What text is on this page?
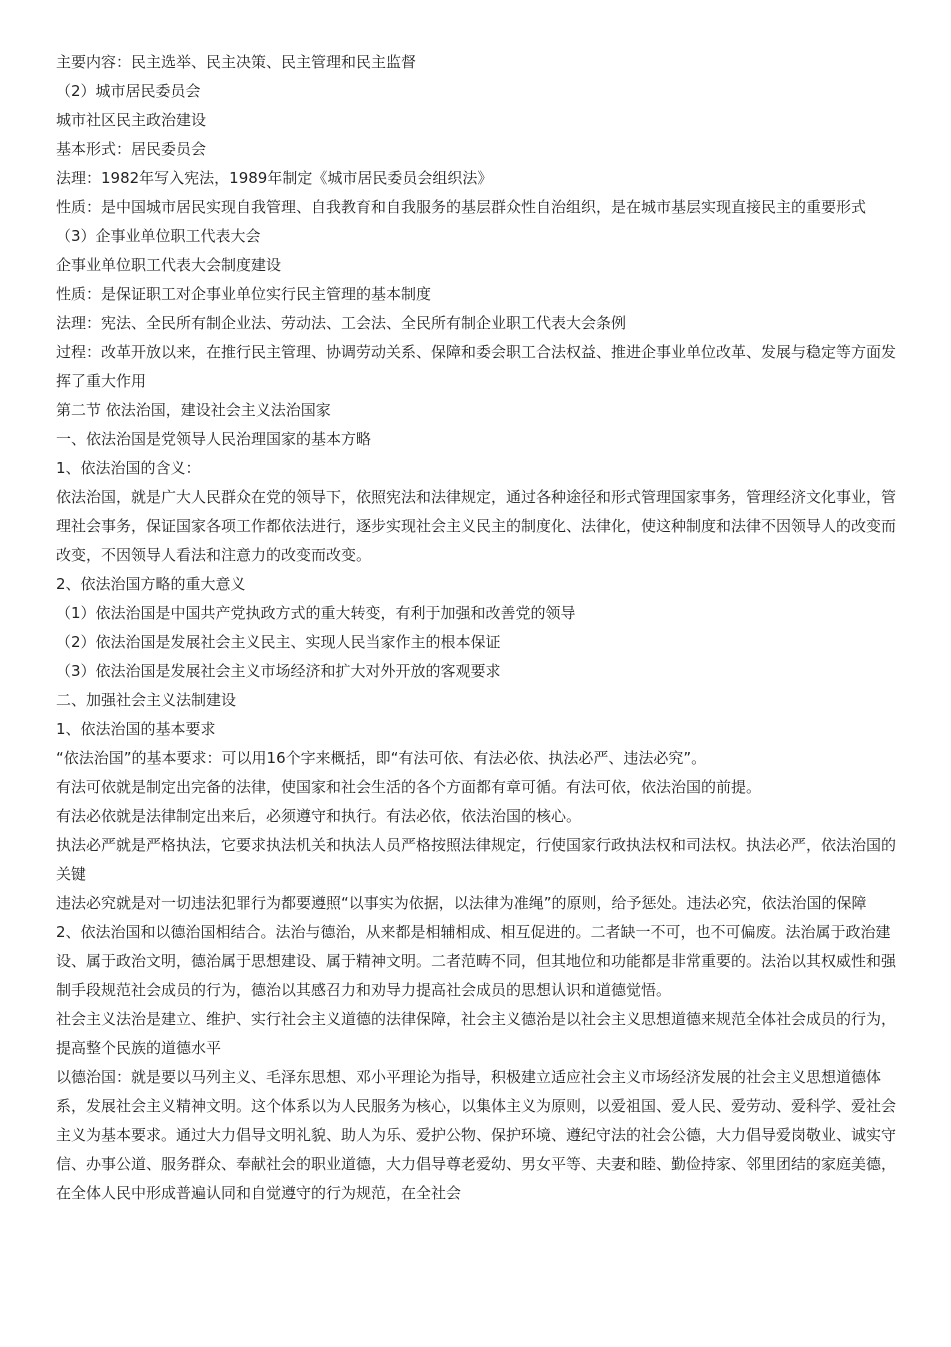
主要内容：民主选举、民主决策、民主管理和民主监督

（2）城市居民委员会

城市社区民主政治建设

基本形式：居民委员会

法理：1982年写入宪法，1989年制定《城市居民委员会组织法》

性质：是中国城市居民实现自我管理、自我教育和自我服务的基层群众性自治组织，是在城市基层实现直接民主的重要形式

（3）企事业单位职工代表大会

企事业单位职工代表大会制度建设

性质：是保证职工对企事业单位实行民主管理的基本制度

法理：宪法、全民所有制企业法、劳动法、工会法、全民所有制企业职工代表大会条例

过程：改革开放以来，在推行民主管理、协调劳动关系、保障和委会职工合法权益、推进企事业单位改革、发展与稳定等方面发挥了重大作用

第二节 依法治国，建设社会主义法治国家

一、依法治国是党领导人民治理国家的基本方略

1、依法治国的含义：

依法治国，就是广大人民群众在党的领导下，依照宪法和法律规定，通过各种途径和形式管理国家事务，管理经济文化事业，管理社会事务，保证国家各项工作都依法进行，逐步实现社会主义民主的制度化、法律化，使这种制度和法律不因领导人的改变而改变，不因领导人看法和注意力的改变而改变。

2、依法治国方略的重大意义

（1）依法治国是中国共产党执政方式的重大转变，有利于加强和改善党的领导

（2）依法治国是发展社会主义民主、实现人民当家作主的根本保证

（3）依法治国是发展社会主义市场经济和扩大对外开放的客观要求

二、加强社会主义法制建设

1、依法治国的基本要求

“依法治国”的基本要求：可以用16个字来概括，即“有法可依、有法必依、执法必严、违法必究”。

有法可依就是制定出完备的法律，使国家和社会生活的各个方面都有章可循。有法可依，依法治国的前提。

有法必依就是法律制定出来后，必须遵守和执行。有法必依，依法治国的核心。

执法必严就是严格执法，它要求执法机关和执法人员严格按照法律规定，行使国家行政执法权和司法权。执法必严，依法治国的关键

违法必究就是对一切违法犯罪行为都要遵照“以事实为依据，以法律为准绳”的原则，给予惩处。违法必究，依法治国的保障

2、依法治国和以德治国相结合。法治与德治，从来都是相辅相成、相互促进的。二者缺一不可，也不可偏废。法治属于政治建设、属于政治文明，德治属于思想建设、属于精神文明。二者范畴不同，但其地位和功能都是非常重要的。法治以其权威性和强制手段规范社会成员的行为，德治以其感召力和劝导力提高社会成员的思想认识和道德觉悟。

社会主义法治是建立、维护、实行社会主义道德的法律保障，社会主义德治是以社会主义思想道德来规范全体社会成员的行为，提高整个民族的道德水平

以德治国：就是要以马列主义、毛泽东思想、邓小平理论为指导，积极建立适应社会主义市场经济发展的社会主义思想道德体系，发展社会主义精神文明。这个体系以为人民服务为核心，以集体主义为原则，以爱祖国、爱人民、爱劳动、爱科学、爱社会主义为基本要求。通过大力倡导文明礼貌、助人为乐、爱护公物、保护环境、遵纪守法的社会公德，大力倡导爱岗敬业、诚实守信、办事公道、服务群众、奉献社会的职业道德，大力倡导尊老爱幼、男女平等、夫妻和睦、勤俭持家、邻里团结的家庭美德，在全体人民中形成普遍认同和自觉遵守的行为规范，在全社会
